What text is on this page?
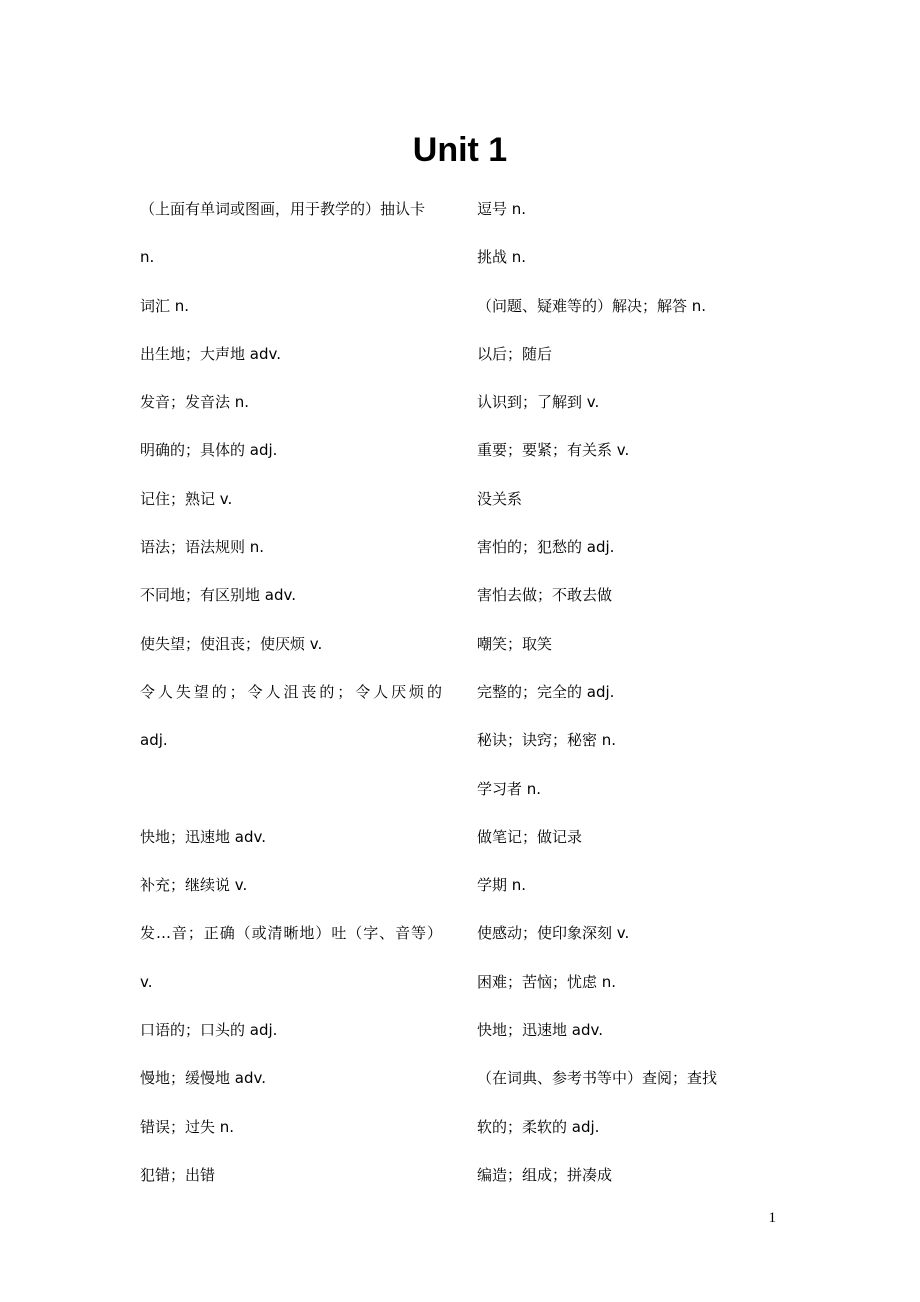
Unit 1
（上面有单词或图画，用于教学的）抽认卡
n.
词汇 n.
出生地；大声地 adv.
发音；发音法 n.
明确的；具体的 adj.
记住；熟记 v.
语法；语法规则 n.
不同地；有区别地 adv.
使失望；使沮丧；使厌烦 v.
令人失望的；令人沮丧的；令人厌烦的
adj.
快地；迅速地 adv.
补充；继续说 v.
发…音；正确（或清晰地）吐（字、音等）
v.
口语的；口头的 adj.
慢地；缓慢地 adv.
错误；过失 n.
犯错；出错
逗号 n.
挑战 n.
（问题、疑难等的）解决；解答 n.
以后；随后
认识到；了解到 v.
重要；要紧；有关系 v.
没关系
害怕的；犯愁的 adj.
害怕去做；不敢去做
嘲笑；取笑
完整的；完全的 adj.
秘诀；诀窍；秘密 n.
学习者 n.
做笔记；做记录
学期 n.
使感动；使印象深刻 v.
困难；苦恼；忧虑 n.
快地；迅速地 adv.
（在词典、参考书等中）查阅；查找
软的；柔软的 adj.
编造；组成；拼凑成
1
